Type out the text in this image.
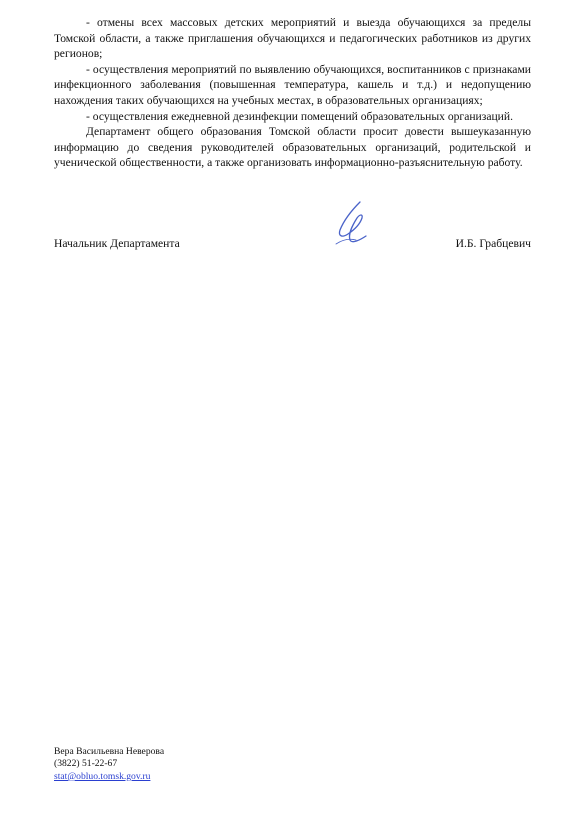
- отмены всех массовых детских мероприятий и выезда обучающихся за пределы Томской области, а также приглашения обучающихся и педагогических работников из других регионов;

- осуществления мероприятий по выявлению обучающихся, воспитанников с признаками инфекционного заболевания (повышенная температура, кашель и т.д.) и недопущению нахождения таких обучающихся на учебных местах, в образовательных организациях;

- осуществления ежедневной дезинфекции помещений образовательных организаций.

Департамент общего образования Томской области просит довести вышеуказанную информацию до сведения руководителей образовательных организаций, родительской и ученической общественности, а также организовать информационно-разъяснительную работу.

Начальник Департамента	И.Б. Грабцевич
Вера Васильевна Неверова
(3822) 51-22-67
stat@obluo.tomsk.gov.ru
